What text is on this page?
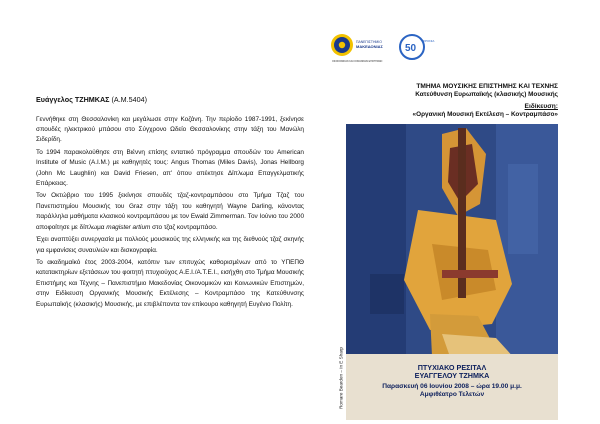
Ευάγγελος ΤΖΗΜΚΑΣ (Α.Μ.5404)

Γεννήθηκε στη Θεσσαλονίκη και μεγάλωσε στην Κοζάνη. Την περίοδο 1987-1991, ξεκίνησε σπουδές ηλεκτρικού μπάσου στο Σύγχρονο Ωδείο Θεσσαλονίκης στην τάξη του Μανώλη Σιδερίδη.

Το 1994 παρακολούθησε στη Βιέννη επίσης εντατικό πρόγραμμα σπουδών του American Institute of Music (A.I.M.) με καθηγητές τους: Angus Thomas (Miles Davis), Jonas Hellborg (John Mc Laughlin) και David Friesen, απ' όπου απέκτησε Δίπλωμα Επαγγελματικής Επάρκειας.

Τον Οκτώβριο του 1995 ξεκίνησε σπουδές τζαζ-κοντραμπάσου στο Τμήμα Τζαζ του Πανεπιστημίου Μουσικής του Graz στην τάξη του καθηγητή Wayne Darling, κάνοντας παράλληλα μαθήματα κλασικού κοντραμπάσου με τον Ewald Zimmerman. Τον Ιούνιο του 2000 αποφοίτησε με δίπλωμα magister artium στο τζαζ κοντραμπάσο.

Έχει αναπτύξει συνεργασία με πολλούς μουσικούς της ελληνικής και της διεθνούς τζαζ σκηνής για εμφανίσεις συναυλιών και δισκογραφία.

Το ακαδημαϊκό έτος 2003-2004, κατόπιν των επιτυχώς καθορισμένων από το ΥΠΕΠΘ κατατακτηρίων εξετάσεων του φοιτητή πτυχιούχος Α.Ε.Ι./Α.Τ.Ε.Ι., εισήχθη στο Τμήμα Μουσικής Επιστήμης και Τέχνης – Πανεπιστήμιο Μακεδονίας Οικονομικών και Κοινωνικών Επιστημών, στην Ειδίκευση Οργανικής Μουσικής Εκτέλεσης – Κοντραμπάσο της Κατεύθυνσης Ευρωπαϊκής (κλασικής) Μουσικής, με επιβλέποντα τον επίκουρο καθηγητή Ευγένιο Πολίτη.

ΠΑΝΕΠΙΣΤΗΜΙΟ
ΜΑΚΕΔΟΝΙΑΣ
ΟΙΚΟΝΟΜΙΚΩΝ ΚΑΙ ΚΟΙΝΩΝΙΚΩΝ ΕΠΙΣΤΗΜΩΝ
50
ΧΡΟΝΙΑ
ΤΜΗΜΑ ΜΟΥΣΙΚΗΣ ΕΠΙΣΤΗΜΗΣ ΚΑΙ ΤΕΧΝΗΣ
Κατεύθυνση Ευρωπαϊκής (κλασικής) Μουσικής
Ειδίκευση:
«Οργανική Μουσική Εκτέλεση – Κοντραμπάσο»
Romare Bearden – In E Sharp	ΠΤΥΧΙΑΚΟ ΡΕΣΙΤΑΛ
ΕΥΑΓΓΕΛΟΥ ΤΖΗΜΚΑ
Παρασκευή 06 Ιουνίου 2008 – ώρα 19.00 μ.μ.
Αμφιθέατρο Τελετών
